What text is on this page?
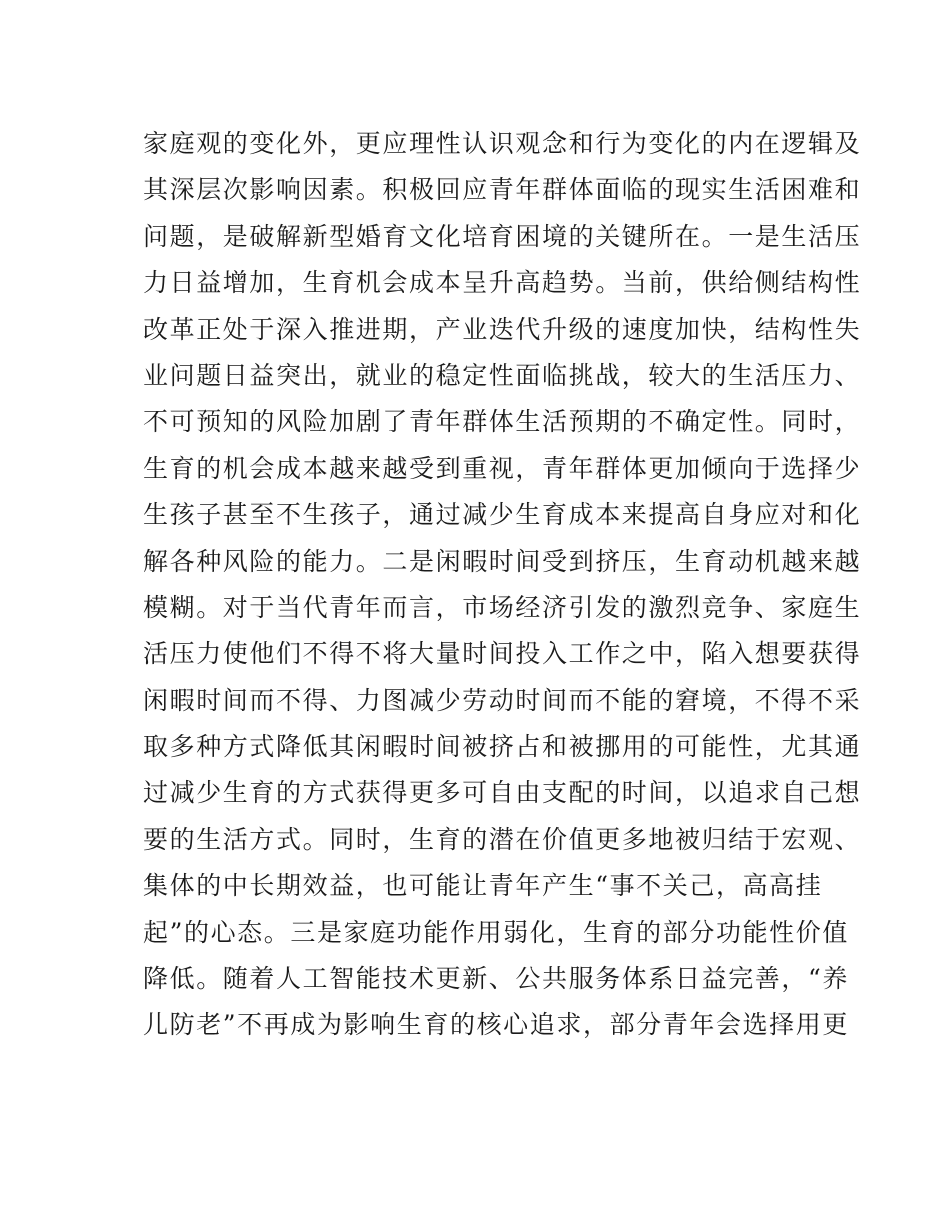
家庭观的变化外，更应理性认识观念和行为变化的内在逻辑及
其深层次影响因素。积极回应青年群体面临的现实生活困难和
问题，是破解新型婚育文化培育困境的关键所在。一是生活压
力日益增加，生育机会成本呈升高趋势。当前，供给侧结构性
改革正处于深入推进期，产业迭代升级的速度加快，结构性失
业问题日益突出，就业的稳定性面临挑战，较大的生活压力、
不可预知的风险加剧了青年群体生活预期的不确定性。同时，
生育的机会成本越来越受到重视，青年群体更加倾向于选择少
生孩子甚至不生孩子，通过减少生育成本来提高自身应对和化
解各种风险的能力。二是闲暇时间受到挤压，生育动机越来越
模糊。对于当代青年而言，市场经济引发的激烈竞争、家庭生
活压力使他们不得不将大量时间投入工作之中，陷入想要获得
闲暇时间而不得、力图减少劳动时间而不能的窘境，不得不采
取多种方式降低其闲暇时间被挤占和被挪用的可能性，尤其通
过减少生育的方式获得更多可自由支配的时间，以追求自己想
要的生活方式。同时，生育的潜在价值更多地被归结于宏观、
集体的中长期效益，也可能让青年产生“事不关己，高高挂
起”的心态。三是家庭功能作用弱化，生育的部分功能性价值
降低。随着人工智能技术更新、公共服务体系日益完善，“养
儿防老”不再成为影响生育的核心追求，部分青年会选择用更
